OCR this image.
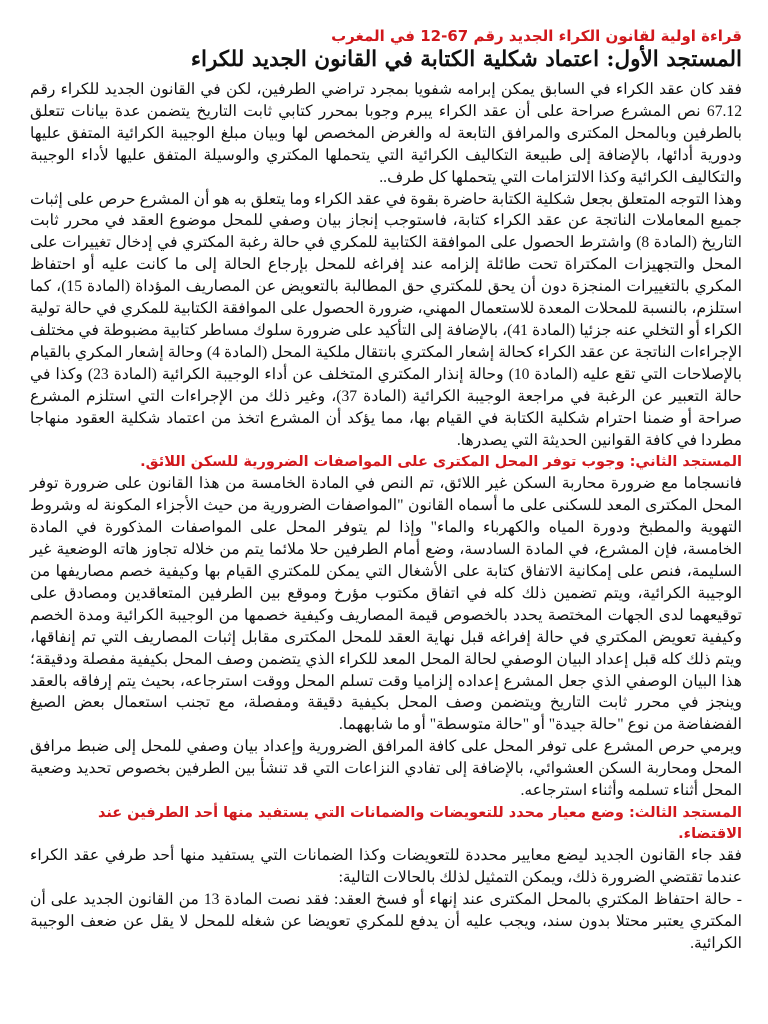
قراءة اولية لقانون الكراء الجديد رقم 67-12 في المغرب
المستجد الأول: اعتماد شكلية الكتابة في القانون الجديد للكراء

فقد كان عقد الكراء في السابق يمكن إبرامه شفويا بمجرد تراضي الطرفين، لكن في القانون الجديد للكراء رقم 67.12 نص المشرع صراحة على أن عقد الكراء يبرم وجوبا بمحرر كتابي ثابت التاريخ يتضمن عدة بيانات تتعلق بالطرفين وبالمحل المكترى والمرافق التابعة له والغرض المخصص لها وبيان مبلغ الوجيبة الكرائية المتفق عليها ودورية أدائها، بالإضافة إلى طبيعة التكاليف الكرائية التي يتحملها المكتري والوسيلة المتفق عليها لأداء الوجيبة والتكاليف الكرائية وكذا الالتزامات التي يتحملها كل طرف..

وهذا التوجه المتعلق بجعل شكلية الكتابة حاضرة بقوة في عقد الكراء وما يتعلق به هو أن المشرع حرص على إثبات جميع المعاملات الناتجة عن عقد الكراء كتابة، فاستوجب إنجاز بيان وصفي للمحل موضوع العقد في محرر ثابت التاريخ (المادة 8) واشترط الحصول على الموافقة الكتابية للمكري في حالة رغبة المكتري في إدخال تغييرات على المحل والتجهيزات المكتراة تحت طائلة إلزامه عند إفراغه للمحل بإرجاع الحالة إلى ما كانت عليه أو احتفاظ المكري بالتغييرات المنجزة دون أن يحق للمكتري حق المطالبة بالتعويض عن المصاريف المؤداة (المادة 15)، كما استلزم، بالنسبة للمحلات المعدة للاستعمال المهني، ضرورة الحصول على الموافقة الكتابية للمكري في حالة تولية الكراء أو التخلي عنه جزئيا (المادة 41)، بالإضافة إلى التأكيد على ضرورة سلوك مساطر كتابية مضبوطة في مختلف الإجراءات الناتجة عن عقد الكراء كحالة إشعار المكتري بانتقال ملكية المحل (المادة 4) وحالة إشعار المكري بالقيام بالإصلاحات التي تقع عليه (المادة 10) وحالة إنذار المكتري المتخلف عن أداء الوجيبة الكرائية (المادة 23) وكذا في حالة التعبير عن الرغبة في مراجعة الوجيبة الكرائية (المادة 37)، وغير ذلك من الإجراءات التي استلزم المشرع صراحة أو ضمنا احترام شكلية الكتابة في القيام بها، مما يؤكد أن المشرع اتخذ من اعتماد شكلية العقود منهاجا مطردا في كافة القوانين الحديثة التي يصدرها.

المستجد الثاني: وجوب توفر المحل المكترى على المواصفات الضرورية للسكن اللائق.

فانسجاما مع ضرورة محاربة السكن غير اللائق، تم النص في المادة الخامسة من هذا القانون على ضرورة توفر المحل المكترى المعد للسكنى على ما أسماه القانون "المواصفات الضرورية من حيث الأجزاء المكونة له وشروط التهوية والمطبخ ودورة المياه والكهرباء والماء" وإذا لم يتوفر المحل على المواصفات المذكورة في المادة الخامسة، فإن المشرع، في المادة السادسة، وضع أمام الطرفين حلا ملائما يتم من خلاله تجاوز هاته الوضعية غير السليمة، فنص على إمكانية الاتفاق كتابة على الأشغال التي يمكن للمكتري القيام بها وكيفية خصم مصاريفها من الوجيبة الكرائية، ويتم تضمين ذلك كله في اتفاق مكتوب مؤرخ وموقع بين الطرفين المتعاقدين ومصادق على توقيعهما لدى الجهات المختصة يحدد بالخصوص قيمة المصاريف وكيفية خصمها من الوجيبة الكرائية ومدة الخصم وكيفية تعويض المكتري في حالة إفراغه قبل نهاية العقد للمحل المكترى مقابل إثبات المصاريف التي تم إنفاقها، ويتم ذلك كله قبل إعداد البيان الوصفي لحالة المحل المعد للكراء الذي يتضمن وصف المحل بكيفية مفصلة ودقيقة؛ هذا البيان الوصفي الذي جعل المشرع إعداده إلزاميا وقت تسلم المحل ووقت استرجاعه، بحيث يتم إرفاقه بالعقد وينجز في محرر ثابت التاريخ ويتضمن وصف المحل بكيفية دقيقة ومفصلة، مع تجنب استعمال بعض الصيغ الفضفاضة من نوع "حالة جيدة" أو "حالة متوسطة" أو ما شابههما.

ويرمي حرص المشرع على توفر المحل على كافة المرافق الضرورية وإعداد بيان وصفي للمحل إلى ضبط مرافق المحل ومحاربة السكن العشوائي، بالإضافة إلى تفادي النزاعات التي قد تنشأ بين الطرفين بخصوص تحديد وضعية المحل أثناء تسلمه وأثناء استرجاعه.

المستجد الثالث: وضع معيار محدد للتعويضات والضمانات التي يستفيد منها أحد الطرفين عند الاقتضاء.

فقد جاء القانون الجديد ليضع معايير محددة للتعويضات وكذا الضمانات التي يستفيد منها أحد طرفي عقد الكراء عندما تقتضي الضرورة ذلك، ويمكن التمثيل لذلك بالحالات التالية:

- حالة احتفاظ المكتري بالمحل المكترى عند إنهاء أو فسخ العقد: فقد نصت المادة 13 من القانون الجديد على أن المكتري يعتبر محتلا بدون سند، ويجب عليه أن يدفع للمكري تعويضا عن شغله للمحل لا يقل عن ضعف الوجيبة الكرائية.
